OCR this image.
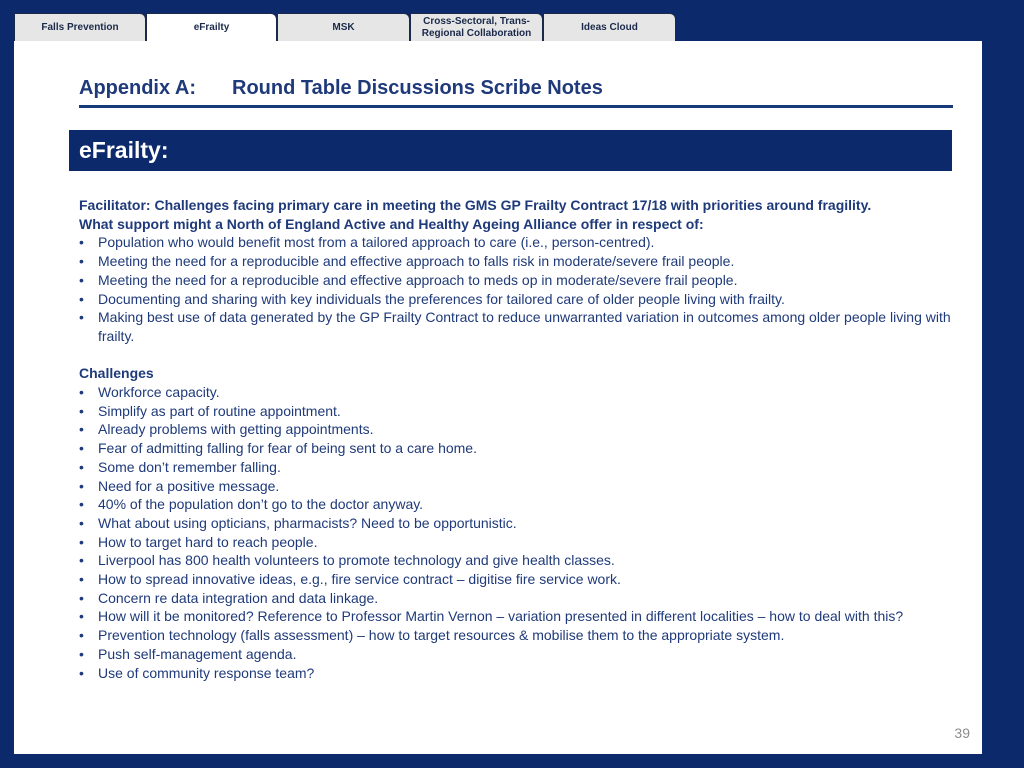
Falls Prevention	eFrailty	MSK
Cross-Sectoral, Trans-Regional Collaboration
Ideas Cloud
Appendix A: Round Table Discussions Scribe Notes
eFrailty:
Facilitator: Challenges facing primary care in meeting the GMS GP Frailty Contract 17/18 with priorities around fragility.
What support might a North of England Active and Healthy Ageing Alliance offer in respect of:
• Population who would benefit most from a tailored approach to care (i.e., person-centred).
• Meeting the need for a reproducible and effective approach to falls risk in moderate/severe frail people.
• Meeting the need for a reproducible and effective approach to meds op in moderate/severe frail people.
• Documenting and sharing with key individuals the preferences for tailored care of older people living with frailty.
• Making best use of data generated by the GP Frailty Contract to reduce unwarranted variation in outcomes among older people living with frailty.
Challenges
• Workforce capacity.
• Simplify as part of routine appointment.
• Already problems with getting appointments.
• Fear of admitting falling for fear of being sent to a care home.
• Some don’t remember falling.
• Need for a positive message.
• 40% of the population don’t go to the doctor anyway.
• What about using opticians, pharmacists? Need to be opportunistic.
• How to target hard to reach people.
• Liverpool has 800 health volunteers to promote technology and give health classes.
• How to spread innovative ideas, e.g., fire service contract – digitise fire service work.
• Concern re data integration and data linkage.
• How will it be monitored? Reference to Professor Martin Vernon – variation presented in different localities – how to deal with this?
• Prevention technology (falls assessment) – how to target resources & mobilise them to the appropriate system.
• Push self-management agenda.
• Use of community response team?
39
